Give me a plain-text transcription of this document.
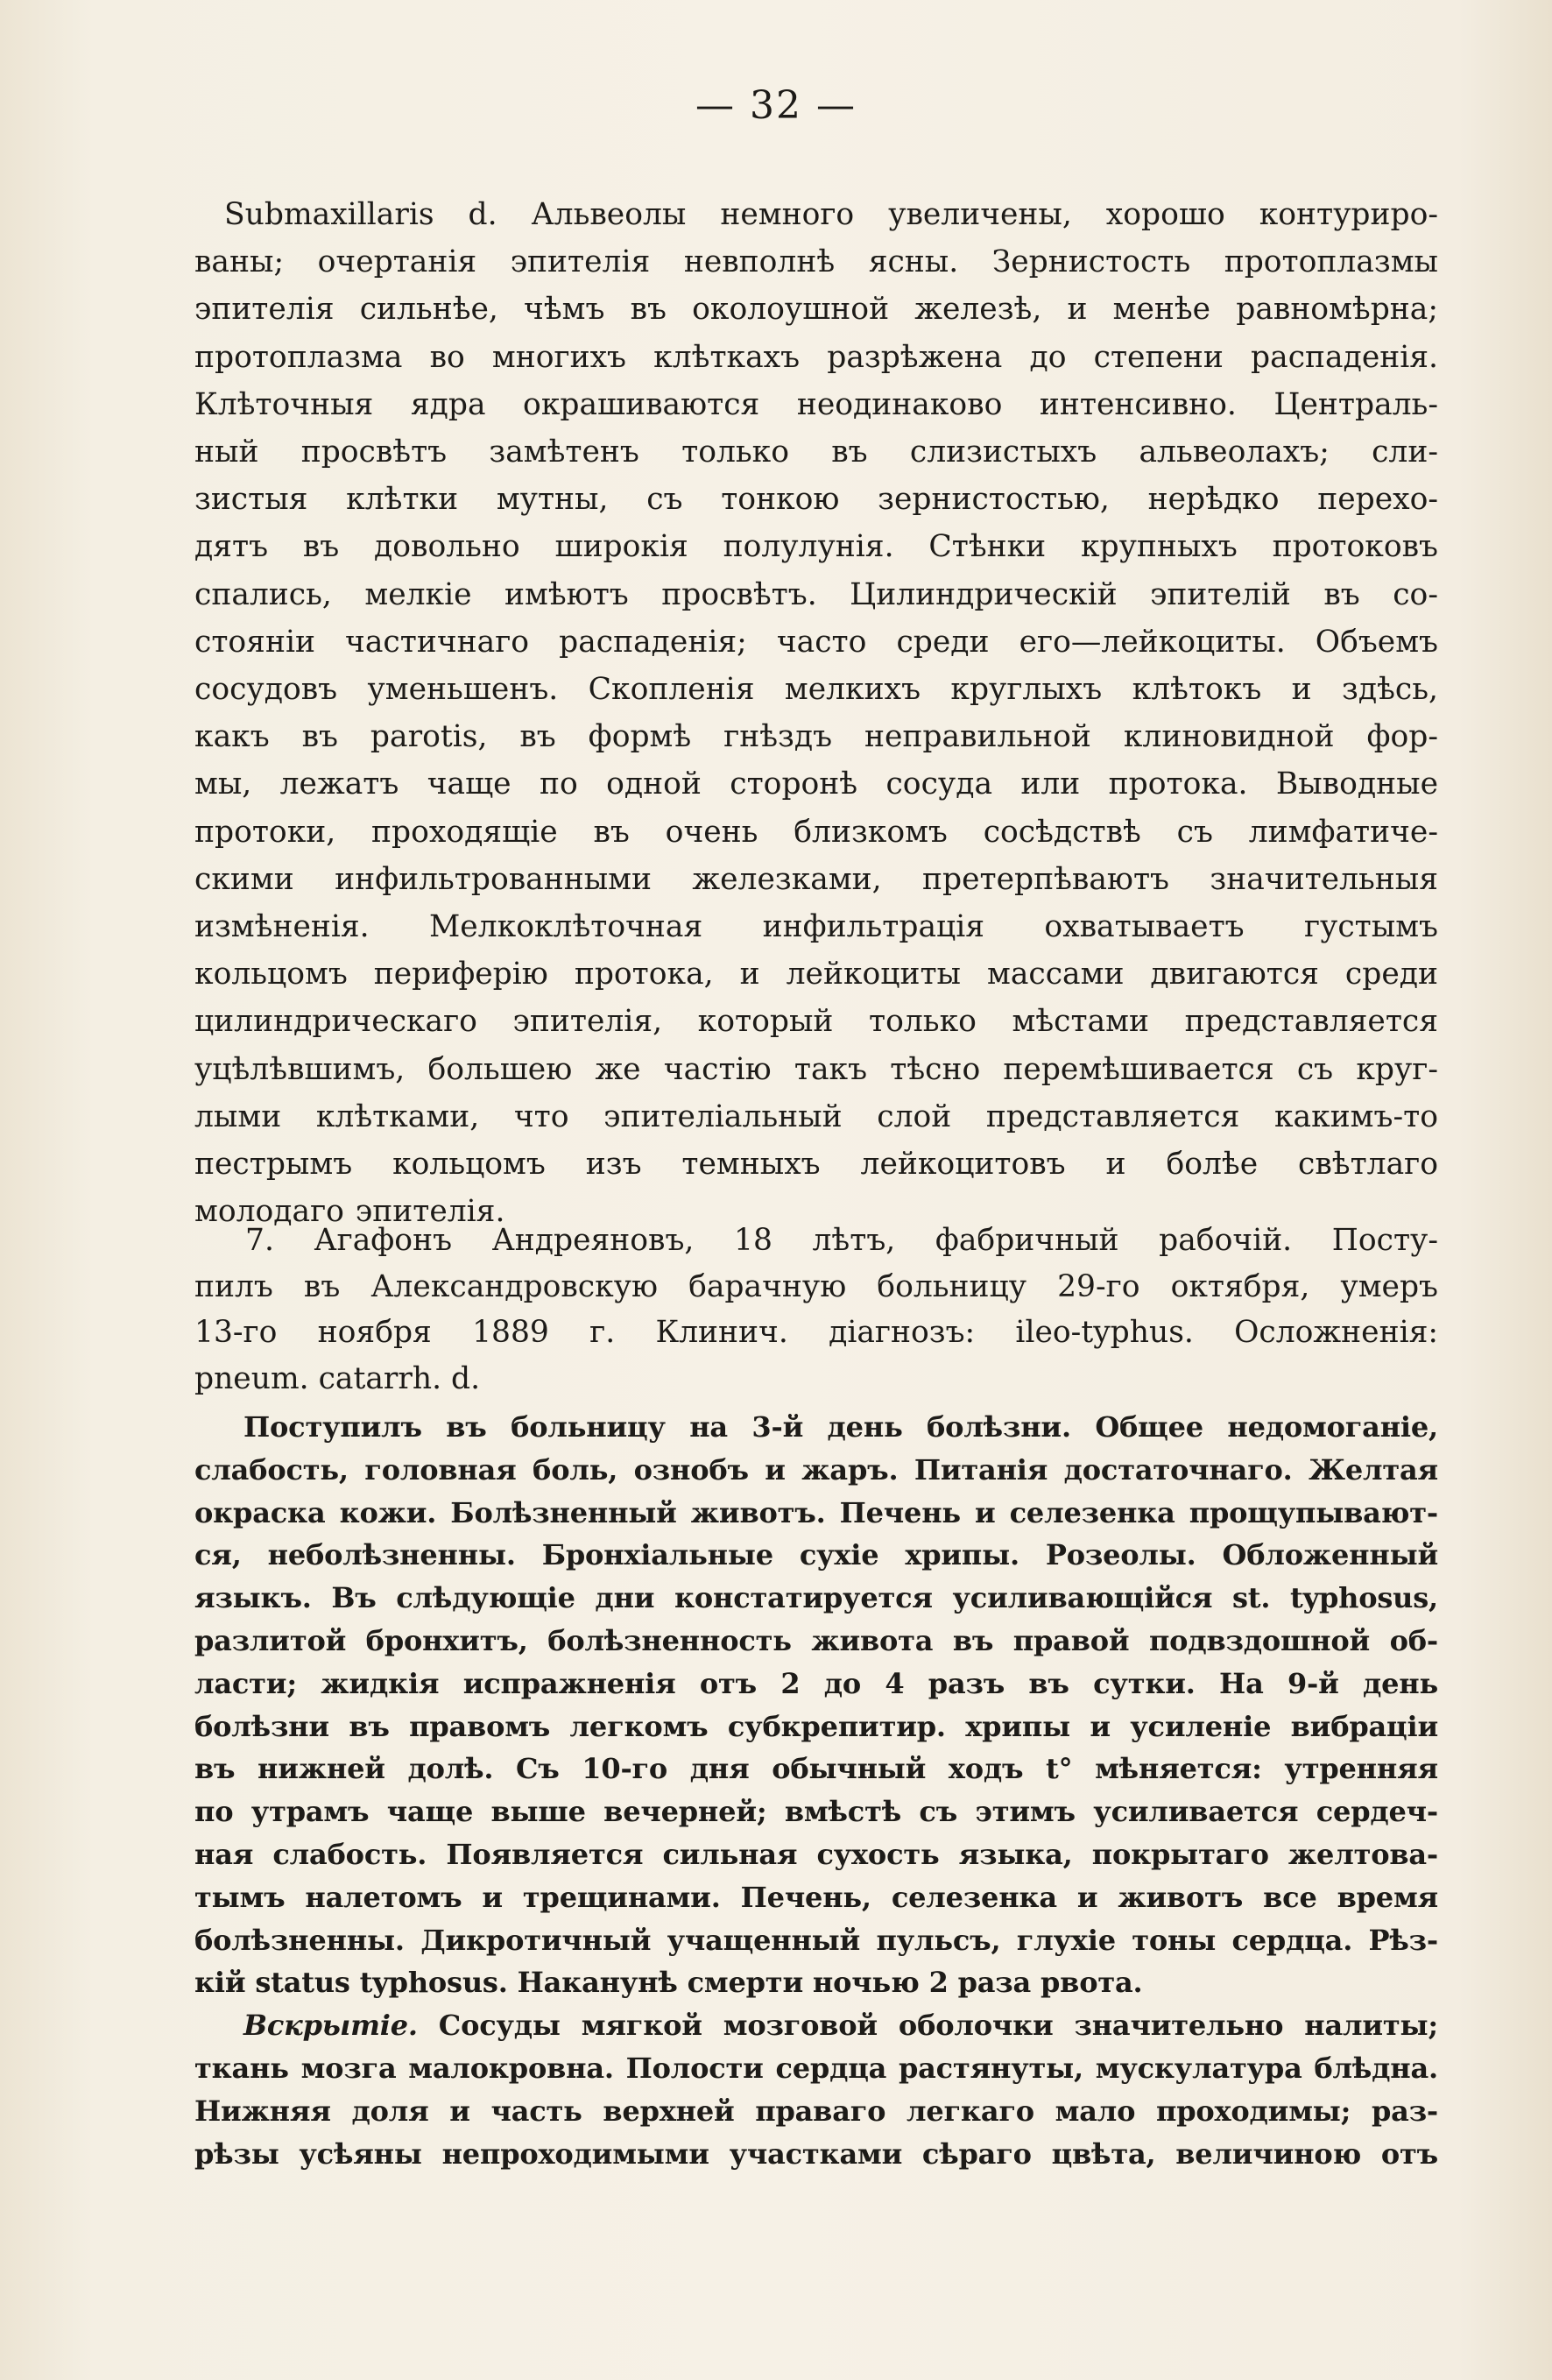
— 32 —
Submaxillaris d. Альвеолы немного увеличены, хорошо контуриро-
ваны; очертанія эпителія невполнѣ ясны. Зернистость протоплазмы
эпителія сильнѣе, чѣмъ въ околоушной железѣ, и менѣе равномѣрна;
протоплазма во многихъ клѣткахъ разрѣжена до степени распаденія.
Клѣточныя ядра окрашиваются неодинаково интенсивно. Централь-
ный просвѣтъ замѣтенъ только въ слизистыхъ альвеолахъ; сли-
зистыя клѣтки мутны, съ тонкою зернистостью, нерѣдко перехо-
дятъ въ довольно широкія полулунія. Стѣнки крупныхъ протоковъ
спались, мелкіе имѣютъ просвѣтъ. Цилиндрическій эпителій въ со-
стояніи частичнаго распаденія; часто среди его—лейкоциты. Объемъ
сосудовъ уменьшенъ. Скопленія мелкихъ круглыхъ клѣтокъ и здѣсь,
какъ въ parotis, въ формѣ гнѣздъ неправильной клиновидной фор-
мы, лежатъ чаще по одной сторонѣ сосуда или протока. Выводные
протоки, проходящіе въ очень близкомъ сосѣдствѣ съ лимфатиче-
скими инфильтрованными железками, претерпѣваютъ значительныя
измѣненія. Мелкоклѣточная инфильтрація охватываетъ густымъ
кольцомъ периферію протока, и лейкоциты массами двигаются среди
цилиндрическаго эпителія, который только мѣстами представляется
уцѣлѣвшимъ, большею же частію такъ тѣсно перемѣшивается съ круг-
лыми клѣтками, что эпителіальный слой представляется какимъ-то
пестрымъ кольцомъ изъ темныхъ лейкоцитовъ и болѣе свѣтлаго
молодаго эпителія.
7. Агафонъ Андреяновъ, 18 лѣтъ, фабричный рабочій. Посту-
пилъ въ Александровскую барачную больницу 29-го октября, умеръ
13-го ноября 1889 г. Клинич. діагнозъ: ileo-typhus. Осложненія:
pneum. catarrh. d.
Поступилъ въ больницу на 3-й день болѣзни. Общее недомоганіе,
слабость, головная боль, ознобъ и жаръ. Питанія достаточнаго. Желтая
окраска кожи. Болѣзненный животъ. Печень и селезенка прощупывают-
ся, неболѣзненны. Бронхіальные сухіе хрипы. Розеолы. Обложенный
языкъ. Въ слѣдующіе дни констатируется усиливающійся st. typhosus,
разлитой бронхитъ, болѣзненность живота въ правой подвздошной об-
ласти; жидкія испражненія отъ 2 до 4 разъ въ сутки. На 9-й день
болѣзни въ правомъ легкомъ субкрепитир. хрипы и усиленіе вибраціи
въ нижней долѣ. Съ 10-го дня обычный ходъ t° мѣняется: утренняя
по утрамъ чаще выше вечерней; вмѣстѣ съ этимъ усиливается сердеч-
ная слабость. Появляется сильная сухость языка, покрытаго желтова-
тымъ налетомъ и трещинами. Печень, селезенка и животъ все время
болѣзненны. Дикротичный учащенный пульсъ, глухіе тоны сердца. Рѣз-
кій status typhosus. Наканунѣ смерти ночью 2 раза рвота.
Вскрытіе. Сосуды мягкой мозговой оболочки значительно налиты;
ткань мозга малокровна. Полости сердца растянуты, мускулатура блѣдна.
Нижняя доля и часть верхней праваго легкаго мало проходимы; раз-
рѣзы усѣяны непроходимыми участками сѣраго цвѣта, величиною отъ
